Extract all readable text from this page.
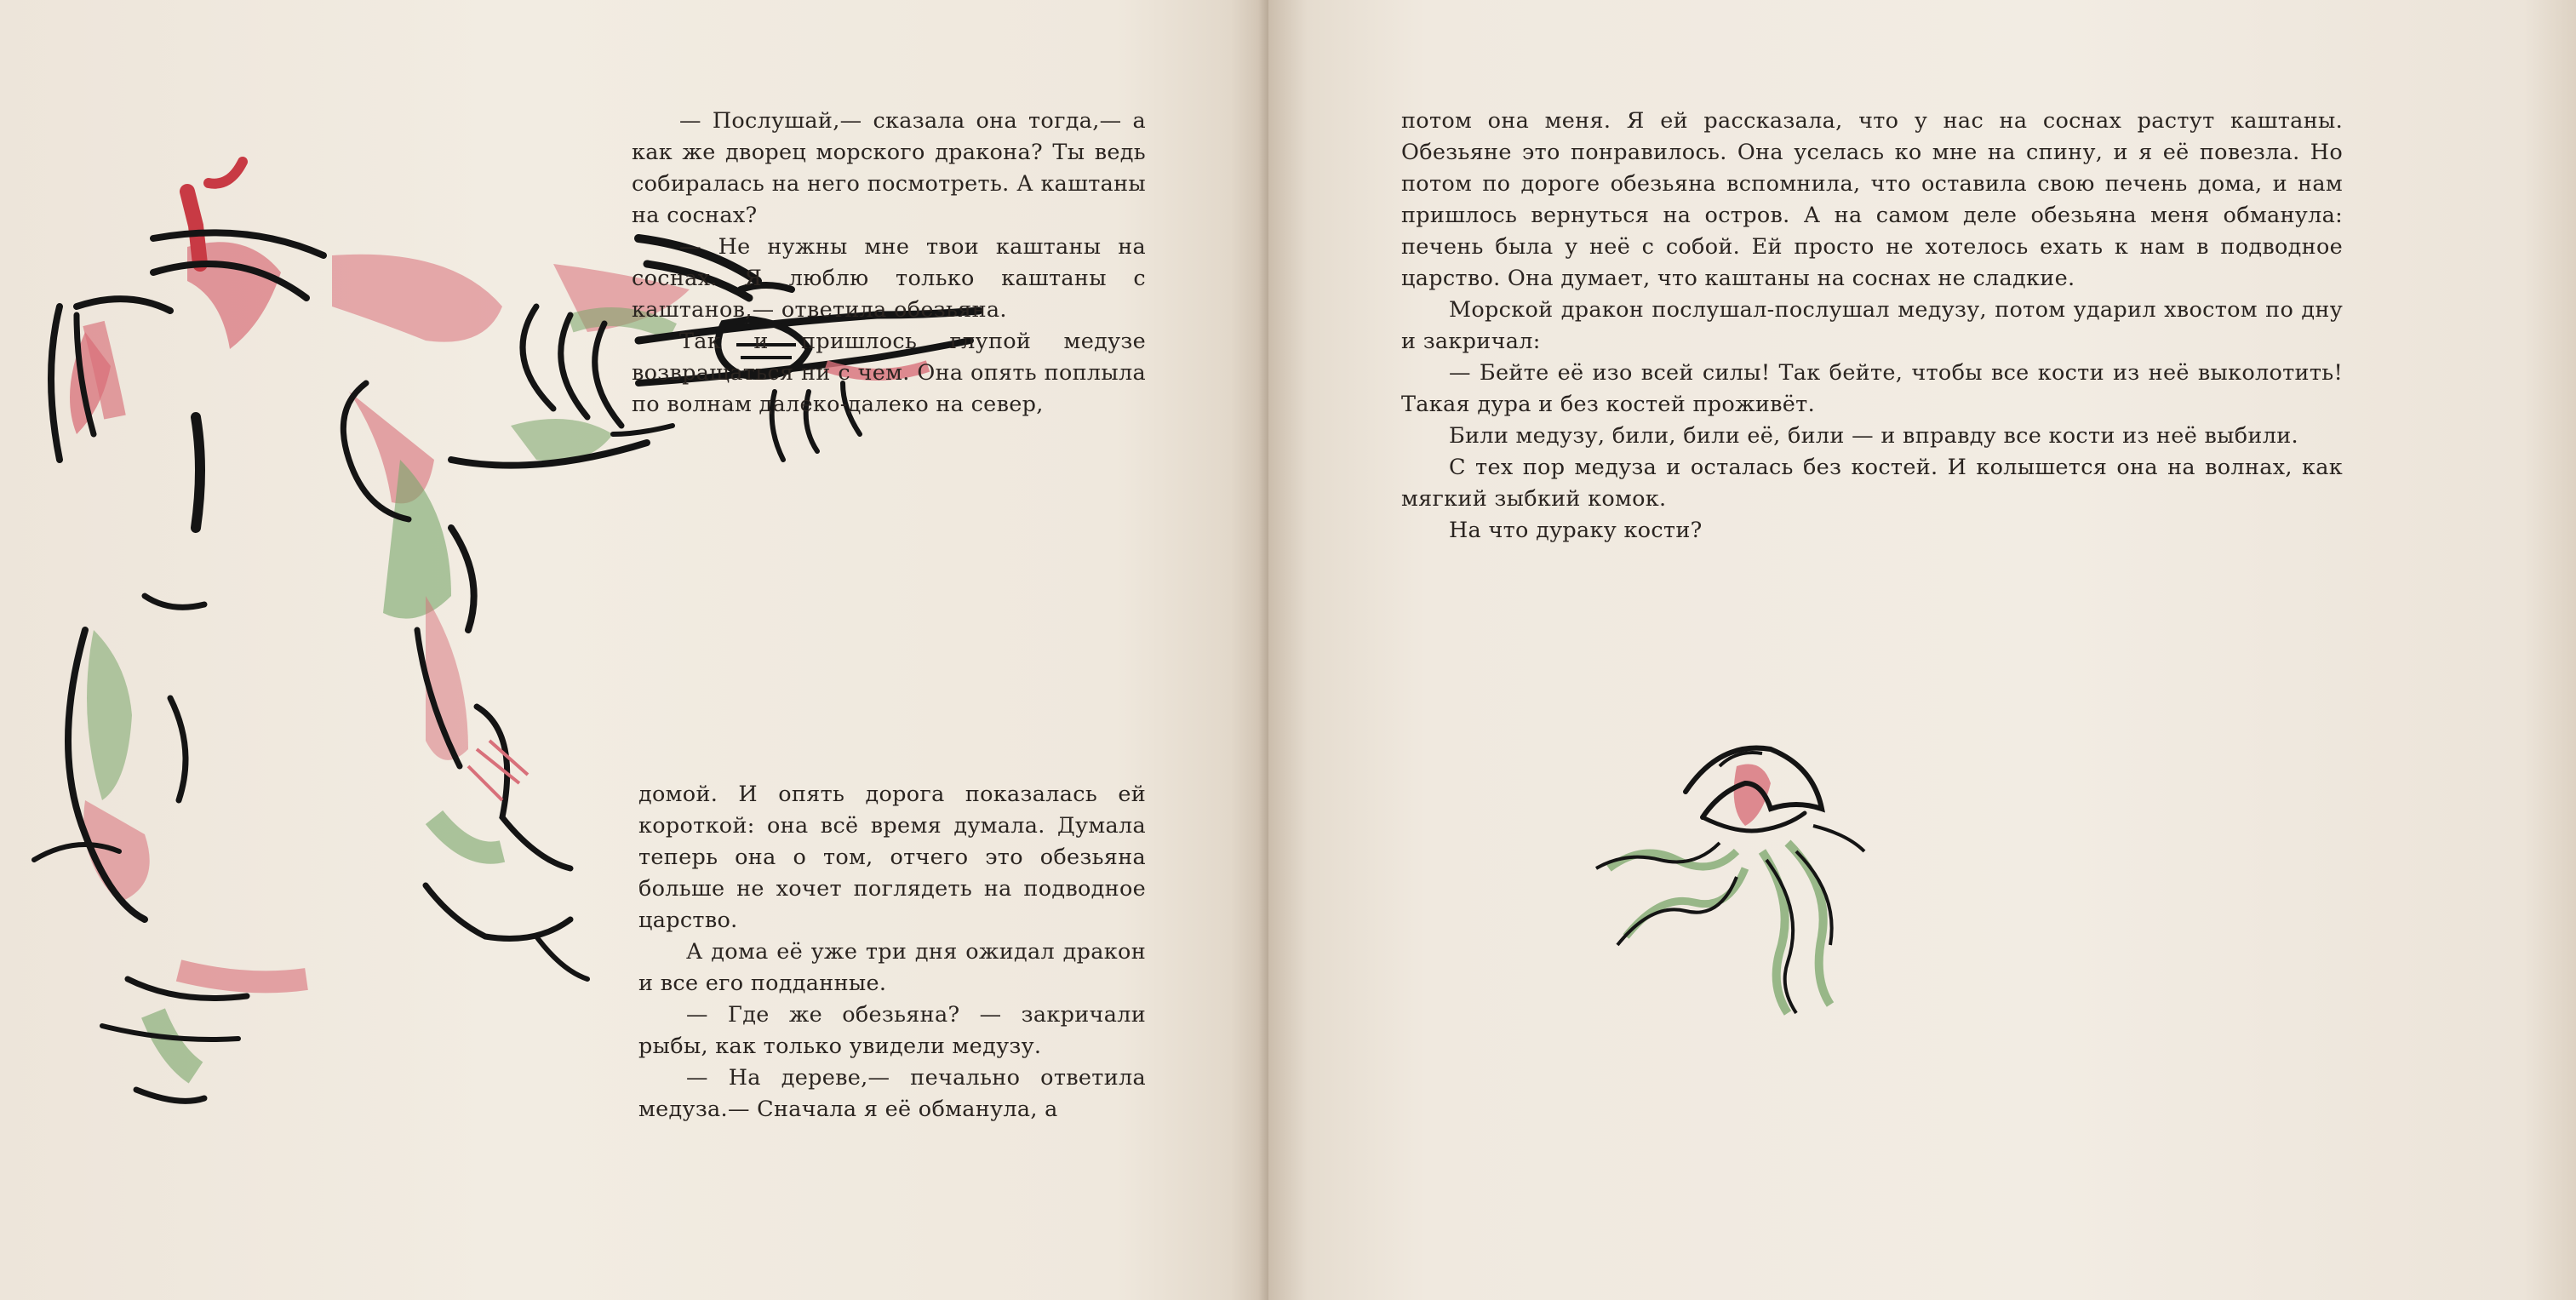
— Послушай,— сказала она тогда,— а как же дворец морского дракона? Ты ведь собиралась на него посмотреть. А каштаны на соснах?

— Не нужны мне твои каштаны на соснах. Я люблю только каштаны с каштанов,— ответила обезьяна.

Так и пришлось глупой медузе возвращаться ни с чем. Она опять поплыла по волнам далеко-далеко на север,

домой. И опять дорога показалась ей короткой: она всё время думала. Думала теперь она о том, отчего это обезьяна больше не хочет поглядеть на подводное царство.

А дома её уже три дня ожидал дракон и все его подданные.

— Где же обезьяна? — закричали рыбы, как только увидели медузу.

— На дереве,— печально ответила медуза.— Сначала я её обманула, а

потом она меня. Я ей рассказала, что у нас на соснах растут каштаны. Обезьяне это понравилось. Она уселась ко мне на спину, и я её повезла. Но потом по дороге обезьяна вспомнила, что оставила свою печень дома, и нам пришлось вернуться на остров. А на самом деле обезьяна меня обманула: печень была у неё с собой. Ей просто не хотелось ехать к нам в подводное царство. Она думает, что каштаны на соснах не сладкие.

Морской дракон послушал-послушал медузу, потом ударил хвостом по дну и закричал:

— Бейте её изо всей силы! Так бейте, чтобы все кости из неё выколотить! Такая дура и без костей проживёт.

Били медузу, били, били её, били — и вправду все кости из неё выбили.

С тех пор медуза и осталась без костей. И колышется она на волнах, как мягкий зыбкий комок.

На что дураку кости?
